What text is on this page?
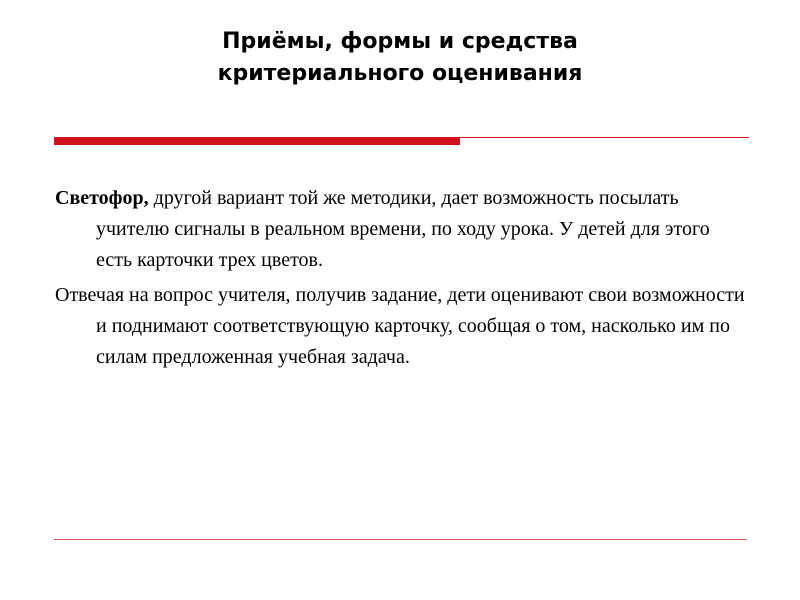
Приёмы, формы и средства
критериального оценивания

Светофор, другой вариант той же методики, дает возможность посылать учителю сигналы в реальном времени, по ходу урока. У детей для этого есть карточки трех цветов.

Отвечая на вопрос учителя, получив задание, дети оценивают свои возможности и поднимают соответствующую карточку, сообщая о том, насколько им по силам предложенная учебная задача.
